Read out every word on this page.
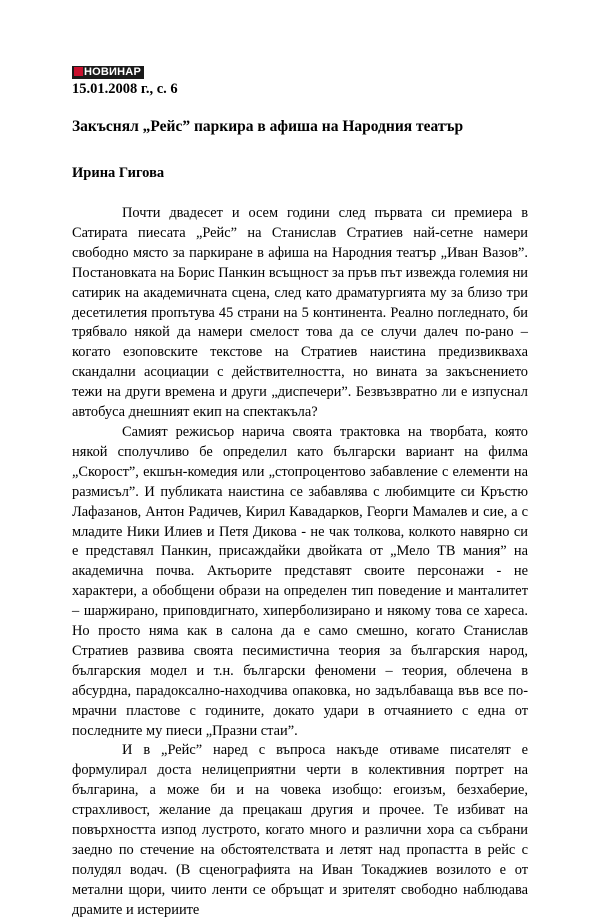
НОВИНАР
15.01.2008 г., с. 6
Закъснял „Рейс” паркира в афиша на Народния театър
Ирина Гигова

Почти двадесет и осем години след първата си премиера в Сатирата пиесата „Рейс” на Станислав Стратиев най-сетне намери свободно място за паркиране в афиша на Народния театър „Иван Вазов”. Постановката на Борис Панкин всъщност за пръв път извежда големия ни сатирик на академичната сцена, след като драматургията му за близо три десетилетия пропътува 45 страни на 5 континента. Реално погледнато, би трябвало някой да намери смелост това да се случи далеч по-рано – когато езоповските текстове на Стратиев наистина предизвикваха скандални асоциации с действителността, но вината за закъснението тежи на други времена и други „диспечери”. Безвъзвратно ли е изпуснал автобуса днешният екип на спектакъла?

Самият режисьор нарича своята трактовка на творбата, която някой сполучливо бе определил като български вариант на филма „Скорост”, екшън-комедия или „стопроцентово забавление с елементи на размисъл”. И публиката наистина се забавлява с любимците си Кръстю Лафазанов, Антон Радичев, Кирил Кавадарков, Георги Мамалев и сие, а с младите Ники Илиев и Петя Дикова - не чак толкова, колкото навярно си е представял Панкин, присаждайки двойката от „Мело ТВ мания” на академична почва. Актьорите представят своите персонажи - не характери, а обобщени образи на определен тип поведение и манталитет – шаржирано, приповдигнато, хиперболизирано и някому това се хареса. Но просто няма как в салона да е само смешно, когато Станислав Стратиев развива своята песимистична теория за българския народ, българския модел и т.н. български феномени – теория, облечена в абсурдна, парадоксално-находчива опаковка, но задълбаваща във все по-мрачни пластове с годините, докато удари в отчаянието с една от последните му пиеси „Празни стаи”.

И в „Рейс” наред с въпроса накъде отиваме писателят е формулирал доста нелицеприятни черти в колективния портрет на българина, а може би и на човека изобщо: егоизъм, безхаберие, страхливост, желание да прецакаш другия и прочее. Те избиват на повърхността изпод лустрото, когато много и различни хора са събрани заедно по стечение на обстоятелствата и летят над пропастта в рейс с полудял водач. (В сценографията на Иван Токаджиев возилото е от метални щори, чиито ленти се обръщат и зрителят свободно наблюдава драмите и истериите
